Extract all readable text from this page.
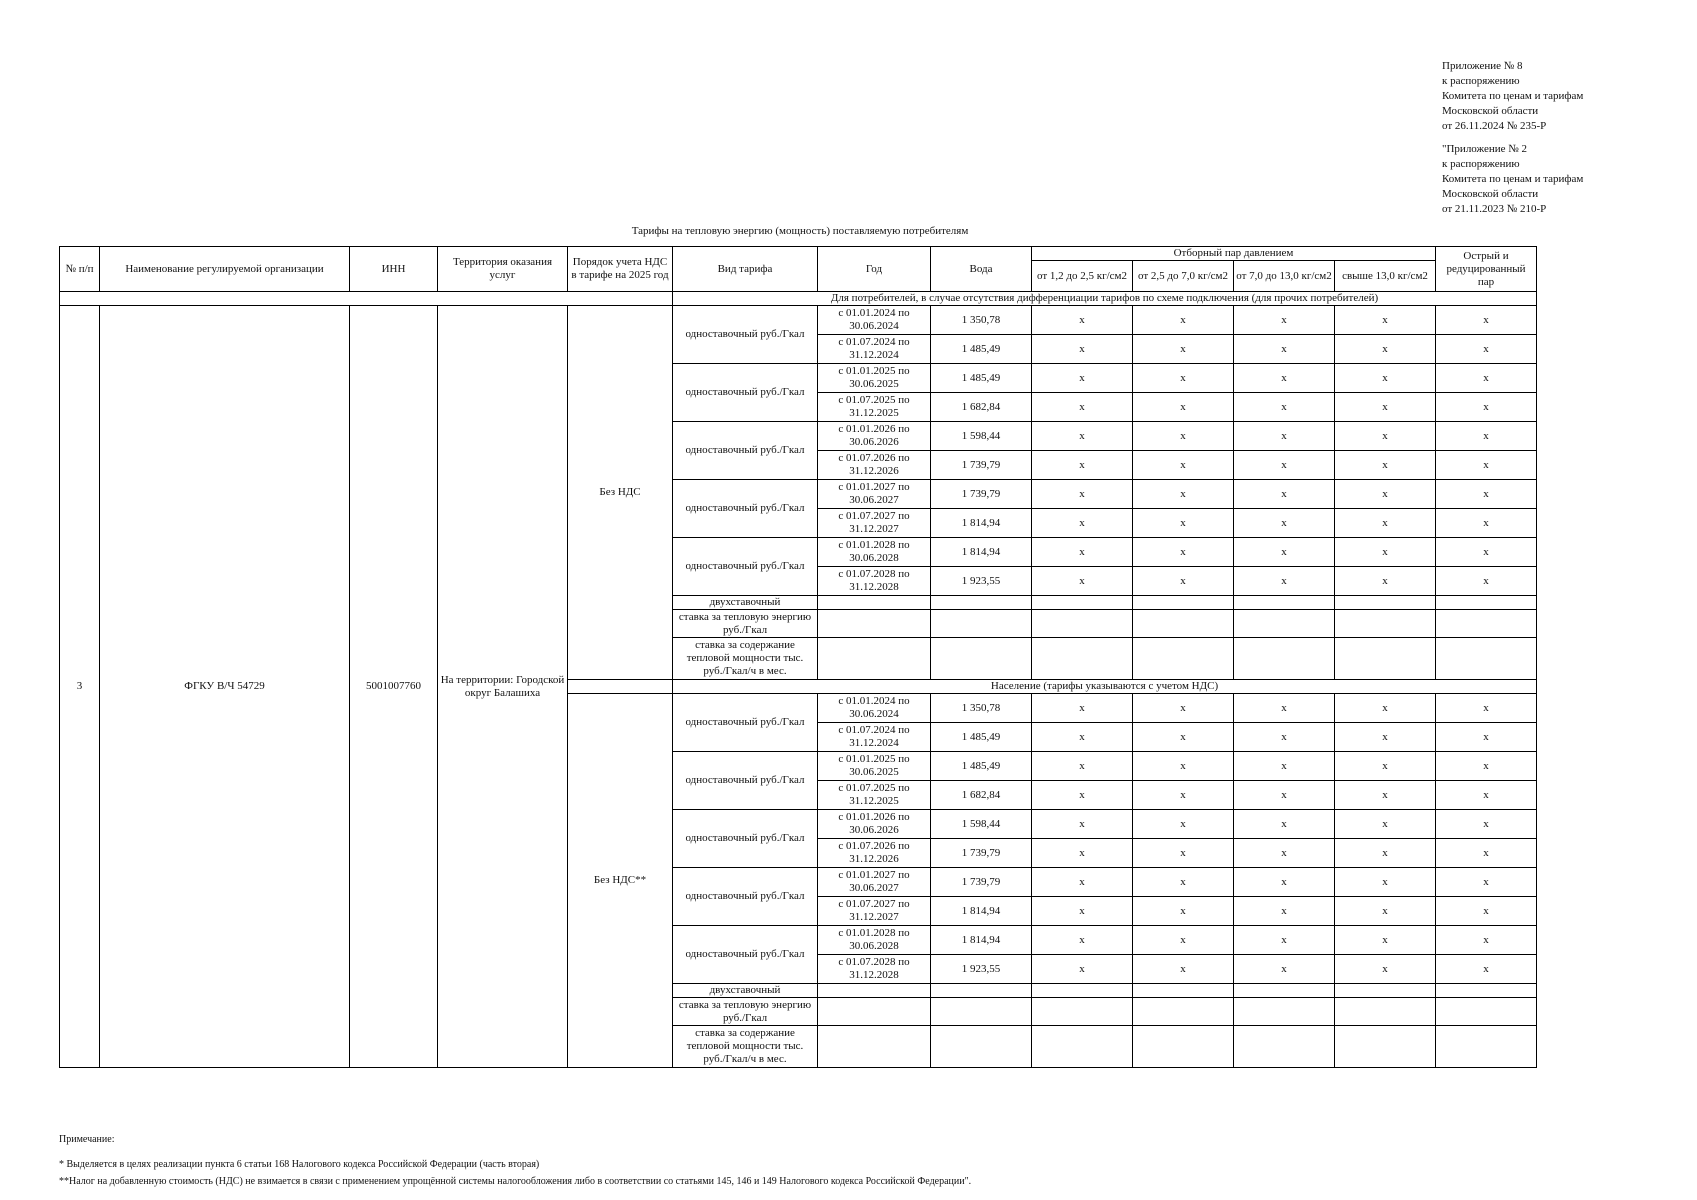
Приложение № 8
к распоряжению
Комитета по ценам и тарифам
Московской области
от 26.11.2024 № 235-Р
"Приложение № 2
к распоряжению
Комитета по ценам и тарифам
Московской области
от 21.11.2023 № 210-Р
Тарифы на тепловую энергию (мощность) поставляемую потребителям
№ п/п	Наименование регулируемой организации	ИНН	Территория оказания услуг	Порядок учета НДС в тарифе на 2025 год	Вид тарифа	Год	Вода	Отборный пар давлением				Острый и редуцированный пар
								от 1,2 до 2,5 кг/см2	от 2,5 до 7,0 кг/см2	от 7,0 до 13,0 кг/см2	свыше 13,0 кг/см2	
					Для потребителей, в случае отсутствия дифференциации тарифов по схеме подключения (для прочих потребителей)							
3	ФГКУ В/Ч 54729	5001007760	На территории: Городской округ Балашиха	Без НДС	одноставочный руб./Гкал	с 01.01.2024 по 30.06.2024	1 350,78	х	х	х	х	х
						с 01.07.2024 по 31.12.2024	1 485,49	х	х	х	х	х
					одноставочный руб./Гкал	с 01.01.2025 по 30.06.2025	1 485,49	х	х	х	х	х
						с 01.07.2025 по 31.12.2025	1 682,84	х	х	х	х	х
					одноставочный руб./Гкал	с 01.01.2026 по 30.06.2026	1 598,44	х	х	х	х	х
						с 01.07.2026 по 31.12.2026	1 739,79	х	х	х	х	х
					одноставочный руб./Гкал	с 01.01.2027 по 30.06.2027	1 739,79	х	х	х	х	х
						с 01.07.2027 по 31.12.2027	1 814,94	х	х	х	х	х
					одноставочный руб./Гкал	с 01.01.2028 по 30.06.2028	1 814,94	х	х	х	х	х
						с 01.07.2028 по 31.12.2028	1 923,55	х	х	х	х	х
					двухставочный							
					ставка за тепловую энергию руб./Гкал							
					ставка за содержание тепловой мощности тыс. руб./Гкал/ч в мес.							
					Население (тарифы указываются с учетом НДС)							
				Без НДС**	одноставочный руб./Гкал	с 01.01.2024 по 30.06.2024	1 350,78	х	х	х	х	х
						с 01.07.2024 по 31.12.2024	1 485,49	х	х	х	х	х
					одноставочный руб./Гкал	с 01.01.2025 по 30.06.2025	1 485,49	х	х	х	х	х
						с 01.07.2025 по 31.12.2025	1 682,84	х	х	х	х	х
					одноставочный руб./Гкал	с 01.01.2026 по 30.06.2026	1 598,44	х	х	х	х	х
						с 01.07.2026 по 31.12.2026	1 739,79	х	х	х	х	х
					одноставочный руб./Гкал	с 01.01.2027 по 30.06.2027	1 739,79	х	х	х	х	х
						с 01.07.2027 по 31.12.2027	1 814,94	х	х	х	х	х
					одноставочный руб./Гкал	с 01.01.2028 по 30.06.2028	1 814,94	х	х	х	х	х
						с 01.07.2028 по 31.12.2028	1 923,55	х	х	х	х	х
					двухставочный							
					ставка за тепловую энергию руб./Гкал							
					ставка за содержание тепловой мощности тыс. руб./Гкал/ч в мес.							
Примечание:
* Выделяется в целях реализации пункта 6 статьи 168 Налогового кодекса Российской Федерации (часть вторая)
**Налог на добавленную стоимость (НДС) не взимается в связи с применением упрощённой системы налогообложения либо в соответствии со статьями 145, 146 и 149 Налогового кодекса Российской Федерации".
